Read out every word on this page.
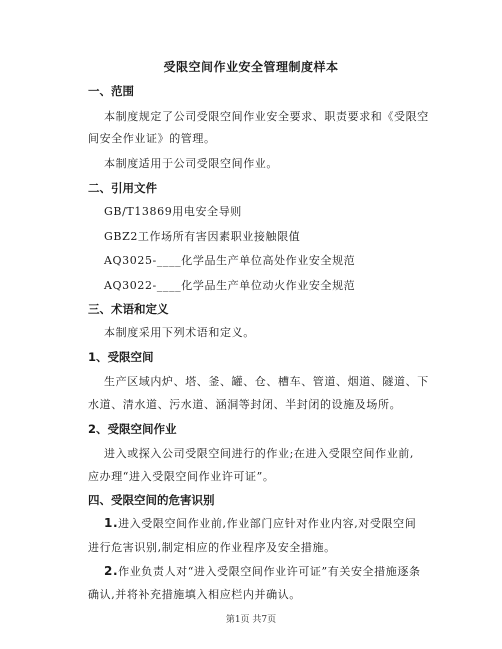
受限空间作业安全管理制度样本
一、范围
本制度规定了公司受限空间作业安全要求、职责要求和《受限空
间安全作业证》的管理。
本制度适用于公司受限空间作业。
二、引用文件
GB/T13869用电安全导则
GBZ2工作场所有害因素职业接触限值
AQ3025-____化学品生产单位高处作业安全规范
AQ3022-____化学品生产单位动火作业安全规范
三、术语和定义
本制度采用下列术语和定义。
1、受限空间
生产区域内炉、塔、釜、罐、仓、槽车、管道、烟道、隧道、下
水道、清水道、污水道、涵洞等封闭、半封闭的设施及场所。
2、受限空间作业
进入或探入公司受限空间进行的作业;在进入受限空间作业前,
应办理“进入受限空间作业许可证”。
四、受限空间的危害识别
1.进入受限空间作业前,作业部门应针对作业内容,对受限空间
进行危害识别,制定相应的作业程序及安全措施。
2.作业负责人对“进入受限空间作业许可证”有关安全措施逐条
确认,并将补充措施填入相应栏内并确认。
第1页 共7页
